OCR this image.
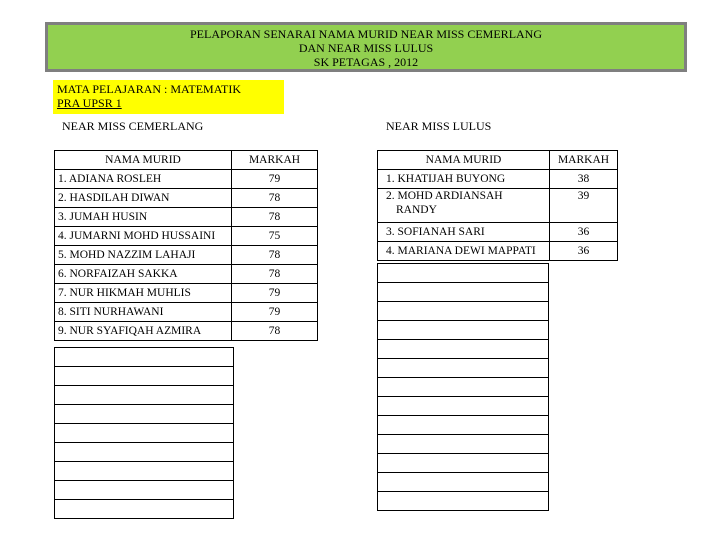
PELAPORAN SENARAI NAMA MURID NEAR MISS CEMERLANG
DAN NEAR MISS LULUS
SK PETAGAS , 2012
MATA PELAJARAN : MATEMATIK
PRA UPSR 1
NEAR MISS CEMERLANG	NEAR MISS LULUS
NAMA MURID	MARKAH
1. ADIANA ROSLEH	79
2. HASDILAH DIWAN	78
3. JUMAH HUSIN	78
4. JUMARNI MOHD HUSSAINI	75
5. MOHD NAZZIM LAHAJI	78
6. NORFAIZAH SAKKA	78
7. NUR HIKMAH MUHLIS	79
8. SITI NURHAWANI	79
9. NUR SYAFIQAH AZMIRA	78

NAMA MURID	MARKAH
1. KHATIJAH BUYONG	38

2. MOHD ARDIANSAH
RANDY	39
3. SOFIANAH SARI	36
4. MARIANA DEWI MAPPATI	36
